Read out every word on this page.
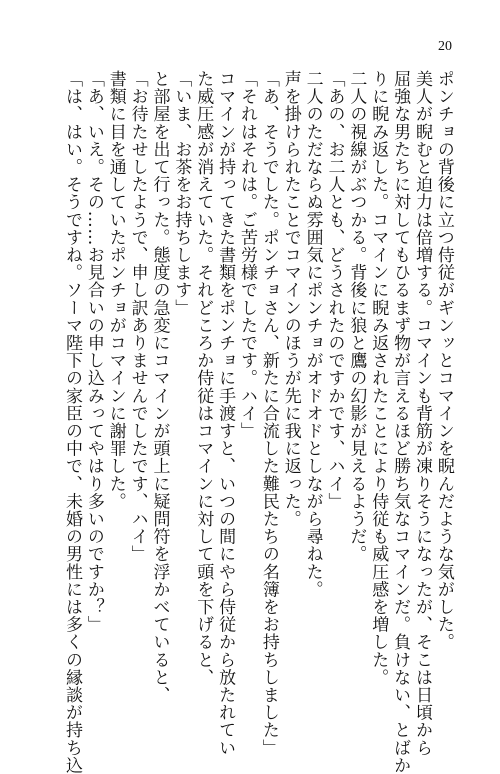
20
ポンチョの背後に立つ侍従がギンッとコマインを睨んだような気がした。
美人が睨むと迫力は倍増する。コマインも背筋が凍りそうになったが、そこは日頃から
屈強な男たちに対してもひるまず物が言えるほど勝ち気なコマインだ。負けない、とばか
りに睨み返した。コマインに睨み返されたことにより侍従も威圧感を増した。
二人の視線がぶつかる。背後に狼と鷹の幻影が見えるようだ。
「あの、お二人とも、どうされたのですかです、ハイ」
二人のただならぬ雰囲気にポンチョがオドオドとしながら尋ねた。
声を掛けられたことでコマインのほうが先に我に返った。
「あ、そうでした。ポンチョさん、新たに合流した難民たちの名簿をお持ちしました」
「それはそれは。ご苦労様でしたです。ハイ」
コマインが持ってきた書類をポンチョに手渡すと、いつの間にやら侍従から放たれてい
た威圧感が消えていた。それどころか侍従はコマインに対して頭を下げると、
「いま、お茶をお持ちします」
と部屋を出て行った。態度の急変にコマインが頭上に疑問符を浮かべていると、
「お待たせしたようで、申し訳ありませんでしたです、ハイ」
書類に目を通していたポンチョがコマインに謝罪した。
「あ、いえ。その……お見合いの申し込みってやはり多いのですか？」
「は、はい。そうですね。ソーマ陛下の家臣の中で、未婚の男性には多くの縁談が持ち込
